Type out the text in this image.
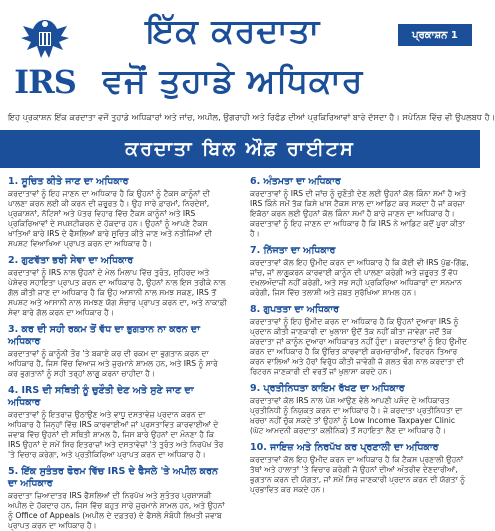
IRS
ਇੱਕ ਕਰਦਾਤਾ
ਵਜੋਂ ਤੁਹਾਡੇ ਅਧਿਕਾਰ
ਪ੍ਰਕਾਸ਼ਨ 1
ਇਹ ਪ੍ਰਕਾਸ਼ਨ ਇੱਕ ਕਰਦਾਤਾ ਵਜੋਂ ਤੁਹਾਡੇ ਅਧਿਕਾਰਾਂ ਅਤੇ ਜਾਂਚ, ਅਪੀਲ, ਉਗਰਾਹੀ ਅਤੇ ਰਿਫੰਡ ਦੀਆਂ ਪ੍ਰਕਿਰਿਆਵਾਂ ਬਾਰੇ ਦੱਸਦਾ ਹੈ। ਸਪੇਨਿਸ਼ ਵਿੱਚ ਵੀ ਉਪਲਬਧ ਹੈ।
ਕਰਦਾਤਾ ਬਿਲ ਔਫ਼ ਰਾਈਟਸ
1. ਸੂਚਿਤ ਕੀਤੇ ਜਾਣ ਦਾ ਅਧਿਕਾਰ
ਕਰਦਾਤਾਵਾਂ ਨੂੰ ਇਹ ਜਾਣਨ ਦਾ ਅਧਿਕਾਰ ਹੈ ਕਿ ਉਹਨਾਂ ਨੂੰ ਟੈਕਸ ਕਾਨੂੰਨਾਂ ਦੀ ਪਾਲਣਾ ਕਰਨ ਲਈ ਕੀ ਕਰਨ ਦੀ ਜ਼ਰੂਰਤ ਹੈ। ਉਹ ਸਾਰੇ ਫ਼ਾਰਮਾਂ, ਨਿਰਦੇਸ਼ਾਂ, ਪ੍ਰਕਾਸ਼ਨਾਂ, ਨੋਟਿਸਾਂ ਅਤੇ ਪੱਤਰ ਵਿਹਾਰ ਵਿੱਚ ਟੈਕਸ ਕਾਨੂੰਨਾਂ ਅਤੇ IRS ਪ੍ਰਕਿਰਿਆਵਾਂ ਦੇ ਸਪਸ਼ਟੀਕਰਨ ਦੇ ਹੱਕਦਾਰ ਹਨ। ਉਹਨਾਂ ਨੂੰ ਆਪਣੇ ਟੈਕਸ ਖਾਤਿਆਂ ਬਾਰੇ IRS ਦੇ ਫੈਸਲਿਆਂ ਬਾਰੇ ਸੂਚਿਤ ਕੀਤੇ ਜਾਣ ਅਤੇ ਨਤੀਜਿਆਂ ਦੀ ਸਪਸ਼ਟ ਵਿਆਖਿਆ ਪ੍ਰਾਪਤ ਕਰਨ ਦਾ ਅਧਿਕਾਰ ਹੈ।
2. ਗੁਣਵੱਤਾ ਭਰੀ ਸੇਵਾ ਦਾ ਅਧਿਕਾਰ
ਕਰਦਾਤਾਵਾਂ ਨੂੰ IRS ਨਾਲ ਉਹਨਾਂ ਦੇ ਮੇਲ ਮਿਲਾਪ ਵਿੱਚ ਤੁਰੰਤ, ਸੁਹਿਰਦ ਅਤੇ ਪੇਸ਼ੇਵਰ ਸਹਾਇਤਾ ਪ੍ਰਾਪਤ ਕਰਨ ਦਾ ਅਧਿਕਾਰ ਹੈ, ਉਹਨਾਂ ਨਾਲ ਇਸ ਤਰੀਕੇ ਨਾਲ ਗੱਲ ਕੀਤੀ ਜਾਣ ਦਾ ਅਧਿਕਾਰ ਹੈ ਕਿ ਉਹ ਆਸਾਨੀ ਨਾਲ ਸਮਝ ਸਕਣ, IRS ਤੋਂ ਸਪਸ਼ਟ ਅਤੇ ਆਸਾਨੀ ਨਾਲ ਸਮਝਣ ਯੋਗ ਸੰਚਾਰ ਪ੍ਰਾਪਤ ਕਰਨ ਦਾ, ਅਤੇ ਨਾਕਾਫ਼ੀ ਸੇਵਾ ਬਾਰੇ ਗੱਲ ਕਰਨ ਦਾ ਅਧਿਕਾਰ ਹੈ।
3. ਕਰ ਦੀ ਸਹੀ ਰਕਮ ਤੋਂ ਵੱਧ ਦਾ ਭੁਗਤਾਨ ਨਾ ਕਰਨ ਦਾ ਅਧਿਕਾਰ
ਕਰਦਾਤਾਵਾਂ ਨੂੰ ਕਾਨੂੰਨੀ ਤੌਰ 'ਤੇ ਬਕਾਏ ਕਰ ਦੀ ਰਕਮ ਦਾ ਭੁਗਤਾਨ ਕਰਨ ਦਾ ਅਧਿਕਾਰ ਹੈ, ਜਿਸ ਵਿੱਚ ਵਿਆਜ ਅਤੇ ਜੁਰਮਾਨੇ ਸ਼ਾਮਲ ਹਨ, ਅਤੇ IRS ਨੂੰ ਸਾਰੇ ਕਰ ਭੁਗਤਾਨਾਂ ਨੂੰ ਸਹੀ ਤਰ੍ਹਾਂ ਲਾਗੂ ਕਰਨਾ ਚਾਹੀਦਾ ਹੈ।
4. IRS ਦੀ ਸਥਿਤੀ ਨੂੰ ਚੁਣੌਤੀ ਦੇਣ ਅਤੇ ਸੁਣੇ ਜਾਣ ਦਾ ਅਧਿਕਾਰ
ਕਰਦਾਤਾਵਾਂ ਨੂੰ ਇਤਰਾਜ਼ ਉਠਾਉਣ ਅਤੇ ਵਾਧੂ ਦਸਤਾਵੇਜ਼ ਪ੍ਰਦਾਨ ਕਰਨ ਦਾ ਅਧਿਕਾਰ ਹੈ ਜਿਨ੍ਹਾਂ ਵਿੱਚ IRS ਕਾਰਵਾਈਆਂ ਜਾਂ ਪ੍ਰਸਤਾਵਿਤ ਕਾਰਵਾਈਆਂ ਦੇ ਜਵਾਬ ਵਿੱਚ ਉਹਨਾਂ ਦੀ ਸਥਿਤੀ ਸ਼ਾਮਲ ਹੈ, ਜਿਸ ਬਾਰੇ ਉਹਨਾਂ ਦਾ ਮੰਨਣਾ ਹੈ ਕਿ IRS ਉਹਨਾਂ ਦੇ ਸਮੇਂ ਸਿਰ ਇਤਰਾਜ਼ਾਂ ਅਤੇ ਦਸਤਾਵੇਜ਼ਾਂ 'ਤੇ ਤੁਰੰਤ ਅਤੇ ਨਿਰਪੱਖ ਤੌਰ 'ਤੇ ਵਿਚਾਰ ਕਰੇਗਾ, ਅਤੇ ਪ੍ਰਤੀਕਿਰਿਆ ਪ੍ਰਾਪਤ ਕਰਨ ਦਾ ਅਧਿਕਾਰ ਹੈ।
5. ਇੱਕ ਸੁਤੰਤਰ ਫੋਰਮ ਵਿੱਚ IRS ਦੇ ਫੈਸਲੇ 'ਤੇ ਅਪੀਲ ਕਰਨ ਦਾ ਅਧਿਕਾਰ
ਕਰਦਾਤਾ ਜ਼ਿਆਦਾਤਰ IRS ਫੈਸਲਿਆਂ ਦੀ ਨਿਰਪੱਖ ਅਤੇ ਸੁਤੰਤਰ ਪ੍ਰਸ਼ਾਸਕੀ ਅਪੀਲ ਦੇ ਹੱਕਦਾਰ ਹਨ, ਜਿਸ ਵਿੱਚ ਬਹੁਤ ਸਾਰੇ ਜੁਰਮਾਨੇ ਸ਼ਾਮਲ ਹਨ, ਅਤੇ ਉਹਨਾਂ ਨੂੰ Office of Appeals (ਅਪੀਲ ਦੇ ਦਫ਼ਤਰ) ਦੇ ਫੈਸਲੇ ਸੰਬੰਧੀ ਲਿਖਤੀ ਜਵਾਬ ਪ੍ਰਾਪਤ ਕਰਨ ਦਾ ਅਧਿਕਾਰ ਹੈ।
6. ਅੰਤਮਤਾ ਦਾ ਅਧਿਕਾਰ
ਕਰਦਾਤਾਵਾਂ ਨੂੰ IRS ਦੀ ਜਾਂਚ ਨੂੰ ਚੁਣੌਤੀ ਦੇਣ ਲਈ ਉਹਨਾਂ ਕੋਲ ਕਿੰਨਾ ਸਮਾਂ ਹੈ ਅਤੇ IRS ਕਿੰਨੇ ਸਮੇਂ ਤੱਕ ਕਿਸੇ ਖ਼ਾਸ ਟੈਕਸ ਸਾਲ ਦਾ ਆਡਿਟ ਕਰ ਸਕਦਾ ਹੈ ਜਾਂ ਕਰਜ਼ਾ ਇਕੱਠਾ ਕਰਨ ਲਈ ਉਹਨਾਂ ਕੋਲ ਕਿੰਨਾ ਸਮਾਂ ਹੈ ਬਾਰੇ ਜਾਣਨ ਦਾ ਅਧਿਕਾਰ ਹੈ। ਕਰਦਾਤਾਵਾਂ ਨੂੰ ਇਹ ਜਾਣਨ ਦਾ ਅਧਿਕਾਰ ਹੈ ਕਿ IRS ਨੇ ਆਡਿਟ ਕਦੋਂ ਪੂਰਾ ਕੀਤਾ ਹੈ।
7. ਨਿੱਜਤਾ ਦਾ ਅਧਿਕਾਰ
ਕਰਦਾਤਾਵਾਂ ਕੋਲ ਇਹ ਉਮੀਦ ਕਰਨ ਦਾ ਅਧਿਕਾਰ ਹੈ ਕਿ ਕੋਈ ਵੀ IRS ਪੁੱਛ-ਗਿੱਛ, ਜਾਂਚ, ਜਾਂ ਲਾਗੂਕਰਨ ਕਾਰਵਾਈ ਕਾਨੂੰਨ ਦੀ ਪਾਲਣਾ ਕਰੇਗੀ ਅਤੇ ਜ਼ਰੂਰਤ ਤੋਂ ਵੱਧ ਦਖ਼ਲਅੰਦਾਜ਼ੀ ਨਹੀਂ ਕਰੇਗੀ, ਅਤੇ ਸਭ ਸਹੀ ਪ੍ਰਕਿਰਿਆ ਅਧਿਕਾਰਾਂ ਦਾ ਸਨਮਾਨ ਕਰੇਗੀ, ਜਿਸ ਵਿੱਚ ਤਲਾਸ਼ੀ ਅਤੇ ਜ਼ਬਤ ਸੁਰੱਖਿਆ ਸ਼ਾਮਲ ਹਨ।
8. ਗੁਪਤਤਾ ਦਾ ਅਧਿਕਾਰ
ਕਰਦਾਤਾਵਾਂ ਨੂੰ ਇਹ ਉਮੀਦ ਕਰਨ ਦਾ ਅਧਿਕਾਰ ਹੈ ਕਿ ਉਹਨਾਂ ਦੁਆਰਾ IRS ਨੂੰ ਪ੍ਰਦਾਨ ਕੀਤੀ ਜਾਣਕਾਰੀ ਦਾ ਖੁਲਾਸਾ ਉਦੋਂ ਤੱਕ ਨਹੀਂ ਕੀਤਾ ਜਾਵੇਗਾ ਜਦੋਂ ਤੱਕ ਕਰਦਾਤਾ ਜਾਂ ਕਾਨੂੰਨ ਦੁਆਰਾ ਅਧਿਕਾਰਤ ਨਹੀਂ ਹੁੰਦਾ। ਕਰਦਾਤਾਵਾਂ ਨੂੰ ਇਹ ਉਮੀਦ ਕਰਨ ਦਾ ਅਧਿਕਾਰ ਹੈ ਕਿ ਉਚਿਤ ਕਾਰਵਾਈ ਕਰਮਚਾਰੀਆਂ, ਰਿਟਰਨ ਤਿਆਰ ਕਰਨ ਵਾਲਿਆਂ ਅਤੇ ਹੋਰਾਂ ਵਿਰੁੱਧ ਕੀਤੀ ਜਾਵੇਗੀ ਜੋ ਗਲਤ ਢੰਗ ਨਾਲ ਕਰਦਾਤਾ ਦੀ ਰਿਟਰਨ ਜਾਣਕਾਰੀ ਦੀ ਵਰਤੋਂ ਜਾਂ ਖੁਲਾਸਾ ਕਰਦੇ ਹਨ।
9. ਪ੍ਰਤੀਨਿਧਤਾ ਕਾਇਮ ਰੱਖਣ ਦਾ ਅਧਿਕਾਰ
ਕਰਦਾਤਾਵਾਂ ਕੋਲ IRS ਨਾਲ ਪੇਸ਼ ਆਉਣ ਵੇਲੇ ਆਪਣੀ ਪਸੰਦ ਦੇ ਅਧਿਕਾਰਤ ਪ੍ਰਤੀਨਿਧੀ ਨੂੰ ਨਿਯੁਕਤ ਕਰਨ ਦਾ ਅਧਿਕਾਰ ਹੈ। ਜੇ ਕਰਦਾਤਾ ਪ੍ਰਤੀਨਿਧਤਾ ਦਾ ਖ਼ਰਚਾ ਨਹੀਂ ਚੁੱਕ ਸਕਦੇ ਤਾਂ ਉਹਨਾਂ ਨੂੰ Low Income Taxpayer Clinic (ਘੱਟ ਆਮਦਨੀ ਕਰਦਾਤਾ ਕਲੀਨਿਕ) ਤੋਂ ਸਹਾਇਤਾ ਲੈਣ ਦਾ ਅਧਿਕਾਰ ਹੈ।
10. ਜਾਇਜ਼ ਅਤੇ ਨਿਰਪੱਖ ਕਰ ਪ੍ਰਣਾਲੀ ਦਾ ਅਧਿਕਾਰ
ਕਰਦਾਤਾਵਾਂ ਕੋਲ ਇਹ ਉਮੀਦ ਕਰਨ ਦਾ ਅਧਿਕਾਰ ਹੈ ਕਿ ਟੈਕਸ ਪ੍ਰਣਾਲੀ ਉਹਨਾਂ ਤੱਥਾਂ ਅਤੇ ਹਾਲਾਤਾਂ 'ਤੇ ਵਿਚਾਰ ਕਰੇਗੀ ਜੋ ਉਹਨਾਂ ਦੀਆਂ ਅੰਤਰੀਵ ਦੇਣਦਾਰੀਆਂ, ਭੁਗਤਾਨ ਕਰਨ ਦੀ ਯੋਗਤਾ, ਜਾਂ ਸਮੇਂ ਸਿਰ ਜਾਣਕਾਰੀ ਪ੍ਰਦਾਨ ਕਰਨ ਦੀ ਯੋਗਤਾ ਨੂੰ ਪ੍ਰਭਾਵਿਤ ਕਰ ਸਕਦੇ ਹਨ।
